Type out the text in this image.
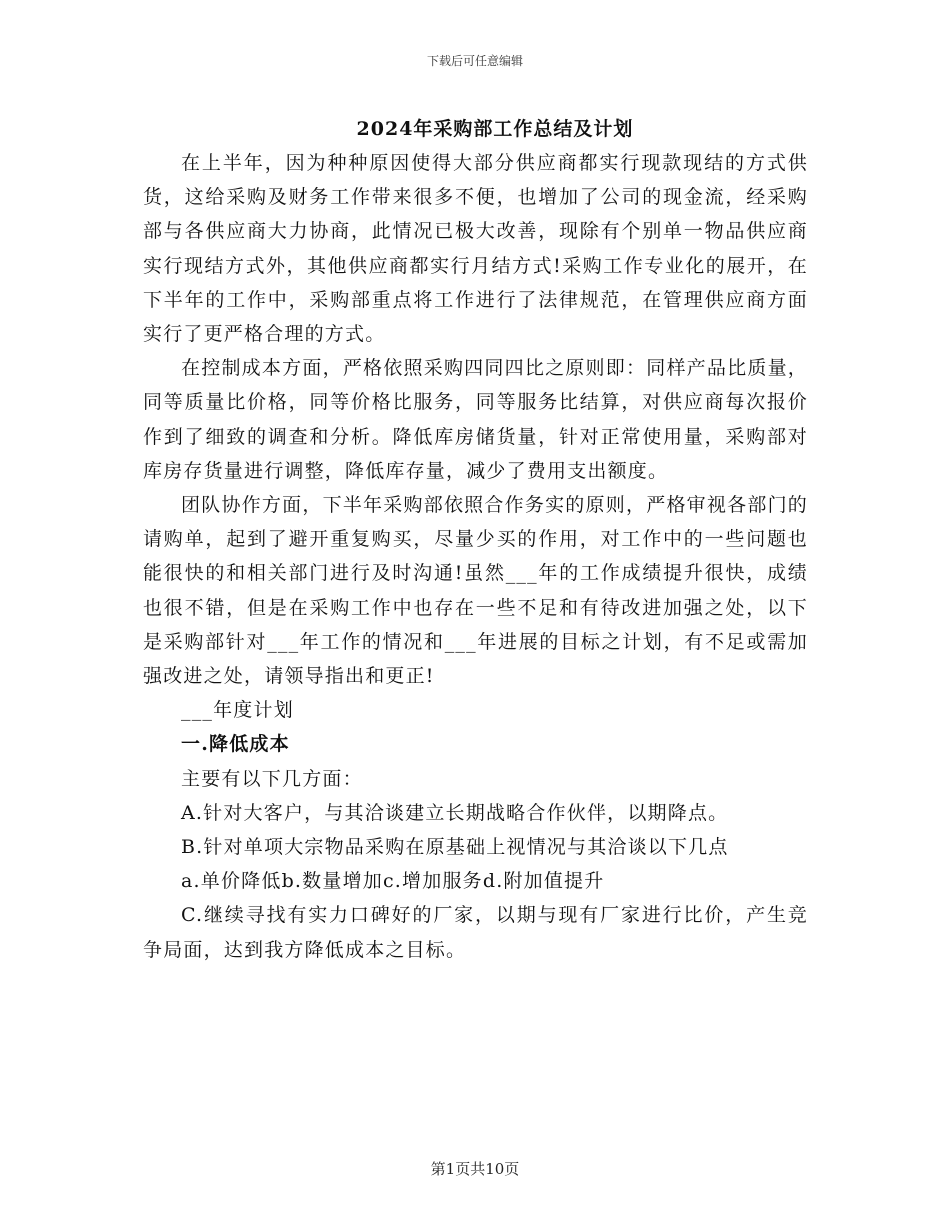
下载后可任意编辑
2024年采购部工作总结及计划

在上半年，因为种种原因使得大部分供应商都实行现款现结的方式供货，这给采购及财务工作带来很多不便，也增加了公司的现金流，经采购部与各供应商大力协商，此情况已极大改善，现除有个别单一物品供应商实行现结方式外，其他供应商都实行月结方式!采购工作专业化的展开，在下半年的工作中，采购部重点将工作进行了法律规范，在管理供应商方面实行了更严格合理的方式。

在控制成本方面，严格依照采购四同四比之原则即：同样产品比质量，同等质量比价格，同等价格比服务，同等服务比结算，对供应商每次报价作到了细致的调查和分析。降低库房储货量，针对正常使用量，采购部对库房存货量进行调整，降低库存量，减少了费用支出额度。

团队协作方面，下半年采购部依照合作务实的原则，严格审视各部门的请购单，起到了避开重复购买，尽量少买的作用，对工作中的一些问题也能很快的和相关部门进行及时沟通!虽然___年的工作成绩提升很快，成绩也很不错，但是在采购工作中也存在一些不足和有待改进加强之处，以下是采购部针对___年工作的情况和___年进展的目标之计划，有不足或需加强改进之处，请领导指出和更正!

___年度计划

一.降低成本

主要有以下几方面：

A.针对大客户，与其洽谈建立长期战略合作伙伴，以期降点。

B.针对单项大宗物品采购在原基础上视情况与其洽谈以下几点

a.单价降低b.数量增加c.增加服务d.附加值提升

C.继续寻找有实力口碑好的厂家，以期与现有厂家进行比价，产生竞争局面，达到我方降低成本之目标。

第1页共10页
